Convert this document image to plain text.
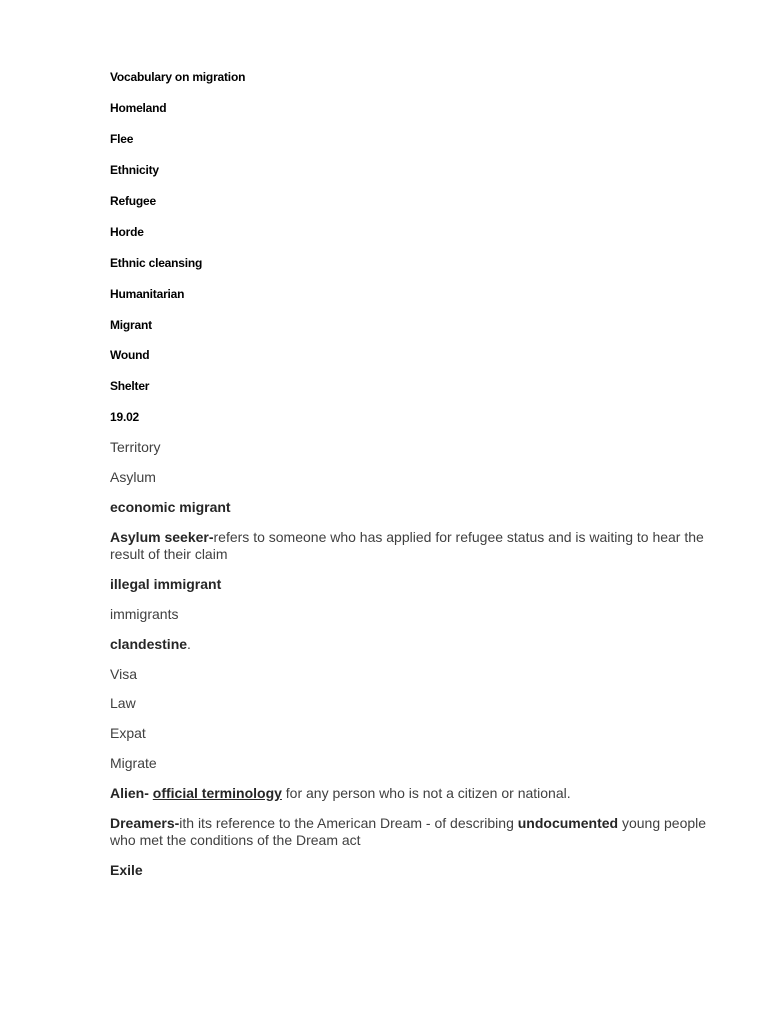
Vocabulary on migration
Homeland
Flee
Ethnicity
Refugee
Horde
Ethnic cleansing
Humanitarian
Migrant
Wound
Shelter
19.02
Territory
Asylum
economic migrant
Asylum seeker-refers to someone who has applied for refugee status and is waiting to hear the result of their claim
illegal immigrant
immigrants
clandestine.
Visa
Law
Expat
Migrate
Alien- official terminology for any person who is not a citizen or national.
Dreamers-ith its reference to the American Dream - of describing undocumented young people who met the conditions of the Dream act
Exile
